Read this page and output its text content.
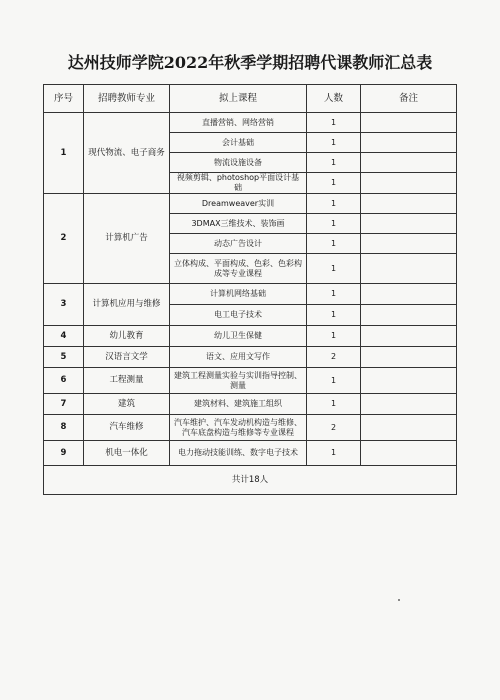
达州技师学院2022年秋季学期招聘代课教师汇总表
序号	招聘教师专业	拟上课程	人数	备注
1	现代物流、电子商务	直播营销、网络营销	1	
		会计基础	1	
		物流设施设备	1	
		视频剪辑、photoshop平面设计基础	1	
2	计算机广告	Dreamweaver实训	1	
		3DMAX三维技术、装饰画	1	
		动态广告设计	1	
		立体构成、平面构成、色彩、色彩构成等专业课程	1	
3	计算机应用与维修	计算机网络基础	1	
		电工电子技术	1	
4	幼儿教育	幼儿卫生保健	1	
5	汉语言文学	语文、应用文写作	2	
6	工程测量	建筑工程测量实验与实训指导控制、测量	1	
7	建筑	建筑材料、建筑施工组织	1	
8	汽车维修	汽车维护、汽车发动机构造与维修、汽车底盘构造与维修等专业课程	2	
9	机电一体化	电力拖动技能训练、数字电子技术	1	
共计18人				
